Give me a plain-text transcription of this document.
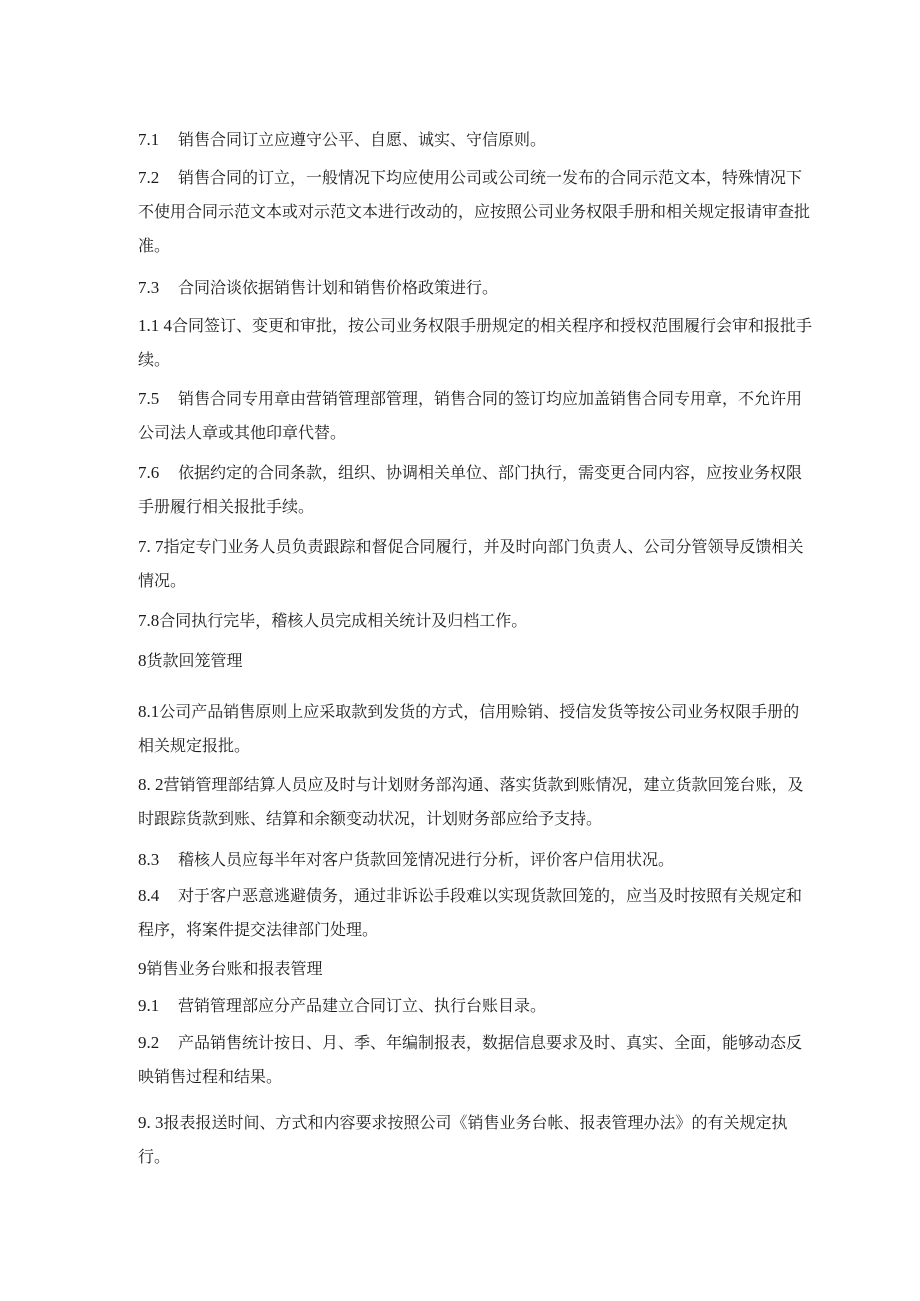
7.1 销售合同订立应遵守公平、自愿、诚实、守信原则。
7.2 销售合同的订立，一般情况下均应使用公司或公司统一发布的合同示范文本，特殊情况下
不使用合同示范文本或对示范文本进行改动的，应按照公司业务权限手册和相关规定报请审查批
准。
7.3 合同洽谈依据销售计划和销售价格政策进行。
1.1 4合同签订、变更和审批，按公司业务权限手册规定的相关程序和授权范围履行会审和报批手
续。
7.5 销售合同专用章由营销管理部管理，销售合同的签订均应加盖销售合同专用章，不允许用
公司法人章或其他印章代替。
7.6 依据约定的合同条款，组织、协调相关单位、部门执行，需变更合同内容，应按业务权限
手册履行相关报批手续。
7. 7指定专门业务人员负责跟踪和督促合同履行，并及时向部门负责人、公司分管领导反馈相关
情况。
7.8合同执行完毕，稽核人员完成相关统计及归档工作。
8货款回笼管理
8.1公司产品销售原则上应采取款到发货的方式，信用赊销、授信发货等按公司业务权限手册的
相关规定报批。
8. 2营销管理部结算人员应及时与计划财务部沟通、落实货款到账情况，建立货款回笼台账，及
时跟踪货款到账、结算和余额变动状况，计划财务部应给予支持。
8.3 稽核人员应每半年对客户货款回笼情况进行分析，评价客户信用状况。
8.4 对于客户恶意逃避债务，通过非诉讼手段难以实现货款回笼的，应当及时按照有关规定和
程序，将案件提交法律部门处理。
9销售业务台账和报表管理
9.1 营销管理部应分产品建立合同订立、执行台账目录。
9.2 产品销售统计按日、月、季、年编制报表，数据信息要求及时、真实、全面，能够动态反
映销售过程和结果。
9. 3报表报送时间、方式和内容要求按照公司《销售业务台帐、报表管理办法》的有关规定执
行。
